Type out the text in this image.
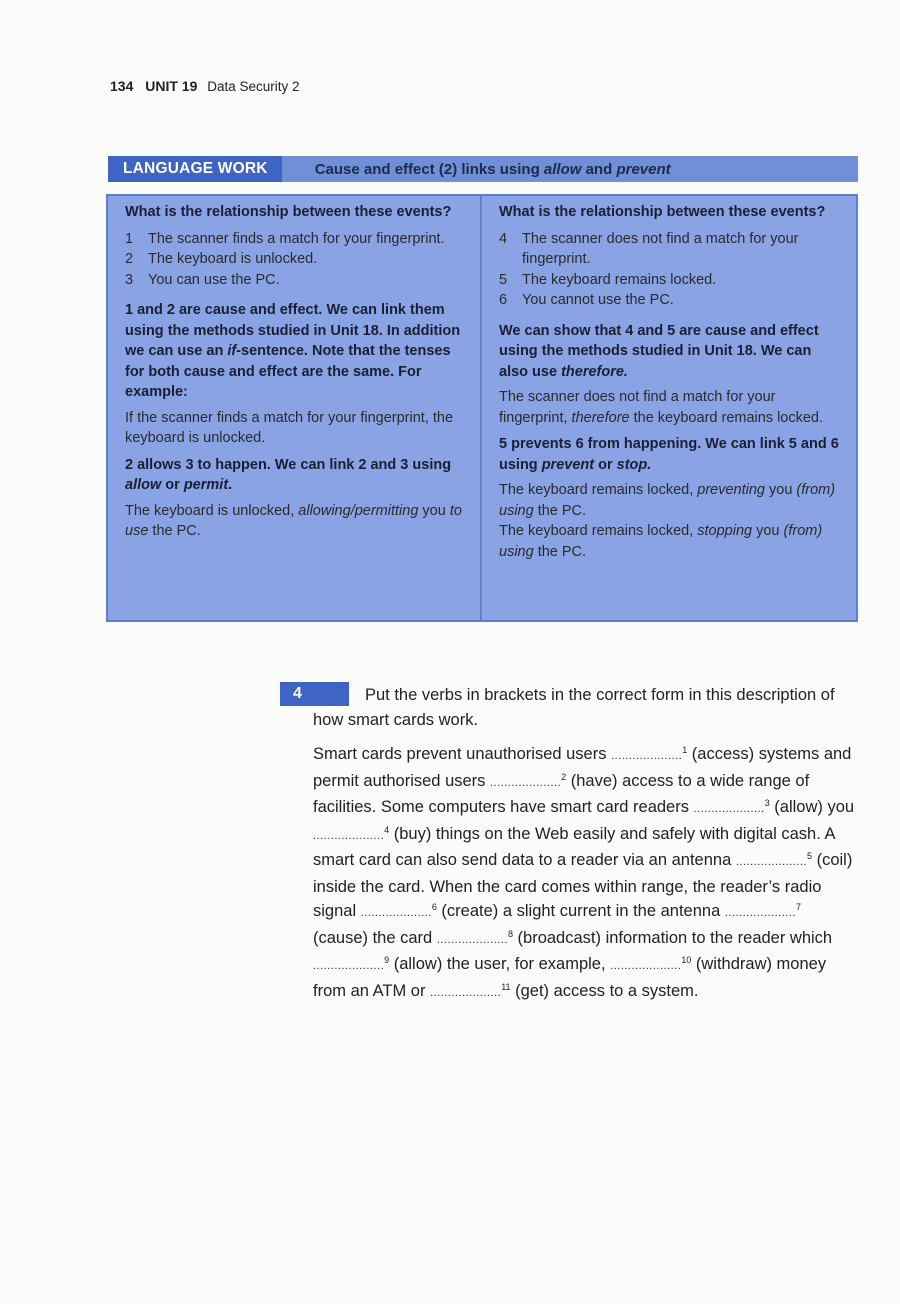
134 UNIT 19 Data Security 2
LANGUAGE WORK	Cause and effect (2) links using allow and prevent
What is the relationship between these events?
1	The scanner finds a match for your fingerprint.
2	The keyboard is unlocked.
3	You can use the PC.
1 and 2 are cause and effect. We can link them using the methods studied in Unit 18. In addition we can use an if-sentence. Note that the tenses for both cause and effect are the same. For example:
If the scanner finds a match for your fingerprint, the keyboard is unlocked.
2 allows 3 to happen. We can link 2 and 3 using allow or permit.
The keyboard is unlocked, allowing/permitting you to use the PC.
What is the relationship between these events?
4	The scanner does not find a match for your fingerprint.
5	The keyboard remains locked.
6	You cannot use the PC.
We can show that 4 and 5 are cause and effect using the methods studied in Unit 18. We can also use therefore.
The scanner does not find a match for your fingerprint, therefore the keyboard remains locked.
5 prevents 6 from happening. We can link 5 and 6 using prevent or stop.
The keyboard remains locked, preventing you (from) using the PC.
The keyboard remains locked, stopping you (from) using the PC.
4	Put the verbs in brackets in the correct form in this description of how smart cards work.

Smart cards prevent unauthorised users ....................$^1$ (access) systems and permit authorised users ....................$^2$ (have) access to a wide range of facilities. Some computers have smart card readers ....................$^3$ (allow) you ....................$^4$ (buy) things on the Web easily and safely with digital cash. A smart card can also send data to a reader via an antenna ....................$^5$ (coil) inside the card. When the card comes within range, the reader’s radio signal ....................$^6$ (create) a slight current in the antenna ....................$^7$ (cause) the card ....................$^8$ (broadcast) information to the reader which ....................$^9$ (allow) the user, for example, ....................$^{10}$ (withdraw) money from an ATM or ....................$^{11}$ (get) access to a system.
